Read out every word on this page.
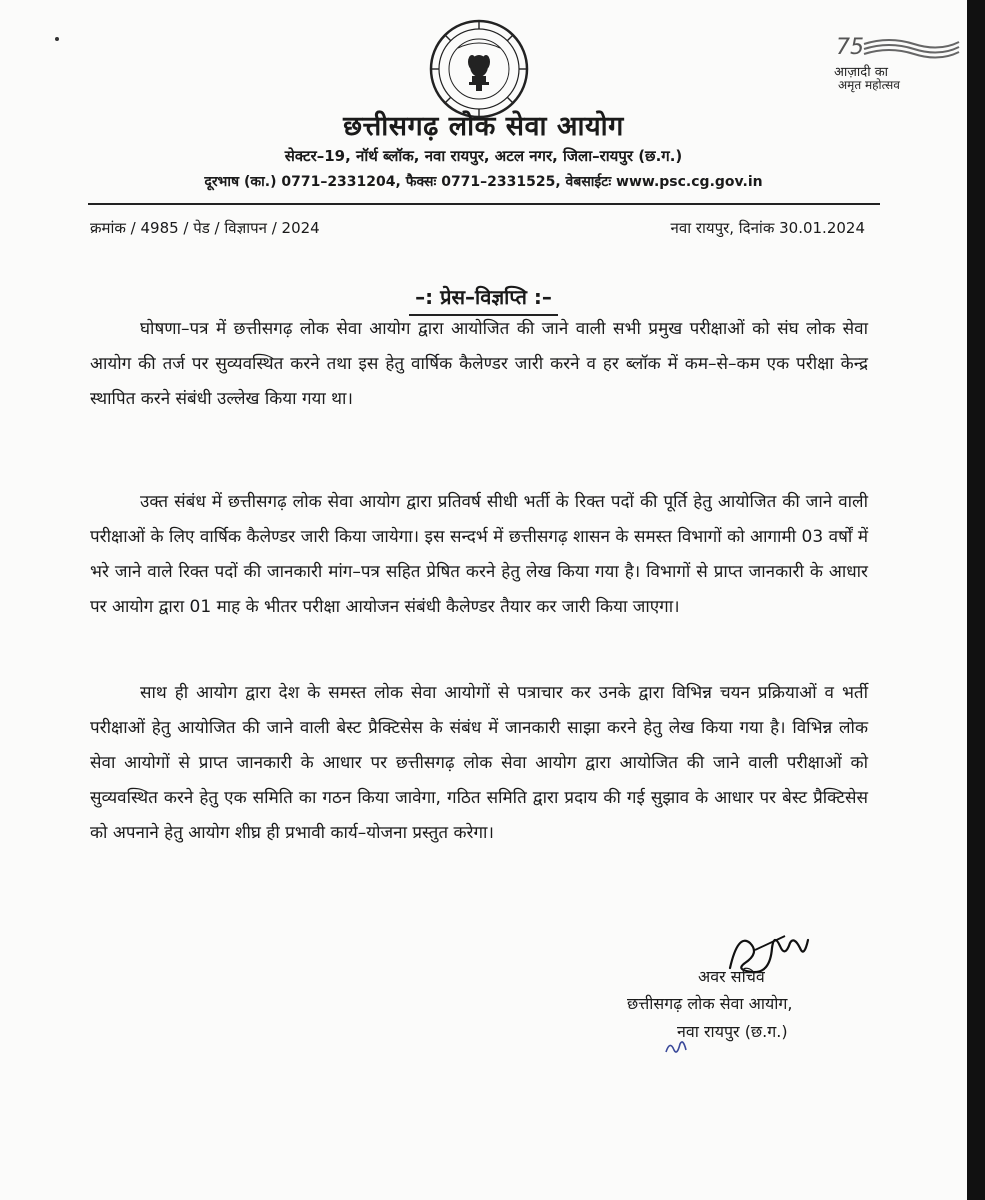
75
आज़ादी का
अमृत महोत्सव
छत्तीसगढ़ लोक सेवा आयोग
सेक्टर–19, नॉर्थ ब्लॉक, नवा रायपुर, अटल नगर, जिला–रायपुर (छ.ग.)
दूरभाष (का.) 0771–2331204, फैक्सः 0771–2331525, वेबसाईटः www.psc.cg.gov.in
क्रमांक / 4985 / पेड / विज्ञापन / 2024	नवा रायपुर, दिनांक 30.01.2024
–: प्रेस–विज्ञप्ति :–

घोषणा–पत्र में छत्तीसगढ़ लोक सेवा आयोग द्वारा आयोजित की जाने वाली सभी प्रमुख परीक्षाओं को संघ लोक सेवा आयोग की तर्ज पर सुव्यवस्थित करने तथा इस हेतु वार्षिक कैलेण्डर जारी करने व हर ब्लॉक में कम–से–कम एक परीक्षा केन्द्र स्थापित करने संबंधी उल्लेख किया गया था।

उक्त संबंध में छत्तीसगढ़ लोक सेवा आयोग द्वारा प्रतिवर्ष सीधी भर्ती के रिक्त पदों की पूर्ति हेतु आयोजित की जाने वाली परीक्षाओं के लिए वार्षिक कैलेण्डर जारी किया जायेगा। इस सन्दर्भ में छत्तीसगढ़ शासन के समस्त विभागों को आगामी 03 वर्षों में भरे जाने वाले रिक्त पदों की जानकारी मांग–पत्र सहित प्रेषित करने हेतु लेख किया गया है। विभागों से प्राप्त जानकारी के आधार पर आयोग द्वारा 01 माह के भीतर परीक्षा आयोजन संबंधी कैलेण्डर तैयार कर जारी किया जाएगा।

साथ ही आयोग द्वारा देश के समस्त लोक सेवा आयोगों से पत्राचार कर उनके द्वारा विभिन्न चयन प्रक्रियाओं व भर्ती परीक्षाओं हेतु आयोजित की जाने वाली बेस्ट प्रैक्टिसेस के संबंध में जानकारी साझा करने हेतु लेख किया गया है। विभिन्न लोक सेवा आयोगों से प्राप्त जानकारी के आधार पर छत्तीसगढ़ लोक सेवा आयोग द्वारा आयोजित की जाने वाली परीक्षाओं को सुव्यवस्थित करने हेतु एक समिति का गठन किया जावेगा, गठित समिति द्वारा प्रदाय की गई सुझाव के आधार पर बेस्ट प्रैक्टिसेस को अपनाने हेतु आयोग शीघ्र ही प्रभावी कार्य–योजना प्रस्तुत करेगा।

अवर सचिव
छत्तीसगढ़ लोक सेवा आयोग,
नवा रायपुर (छ.ग.)
